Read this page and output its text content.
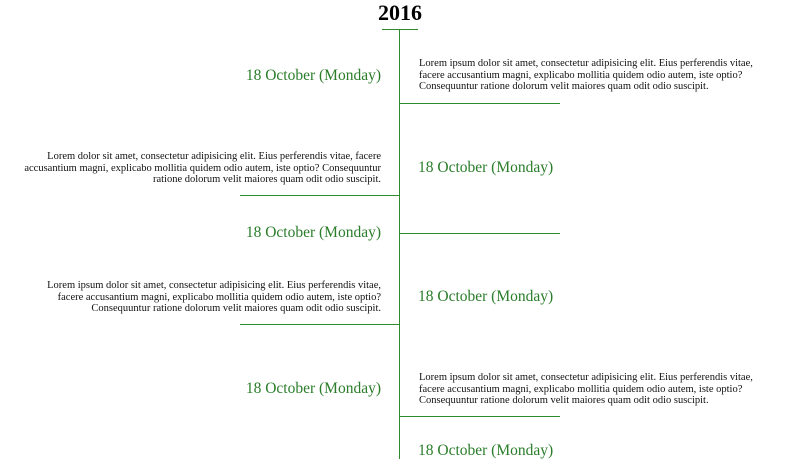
2016
18 October (Monday)
Lorem ipsum dolor sit amet, consectetur adipisicing elit. Eius perferendis vitae, facere accusantium magni, explicabo mollitia quidem odio autem, iste optio? Consequuntur ratione dolorum velit maiores quam odit odio suscipit.
Lorem dolor sit amet, consectetur adipisicing elit. Eius perferendis vitae, facere accusantium magni, explicabo mollitia quidem odio autem, iste optio? Consequuntur ratione dolorum velit maiores quam odit odio suscipit.
18 October (Monday)
18 October (Monday)
Lorem ipsum dolor sit amet, consectetur adipisicing elit. Eius perferendis vitae, facere accusantium magni, explicabo mollitia quidem odio autem, iste optio? Consequuntur ratione dolorum velit maiores quam odit odio suscipit.
18 October (Monday)
18 October (Monday)
Lorem ipsum dolor sit amet, consectetur adipisicing elit. Eius perferendis vitae, facere accusantium magni, explicabo mollitia quidem odio autem, iste optio? Consequuntur ratione dolorum velit maiores quam odit odio suscipit.
18 October (Monday)
